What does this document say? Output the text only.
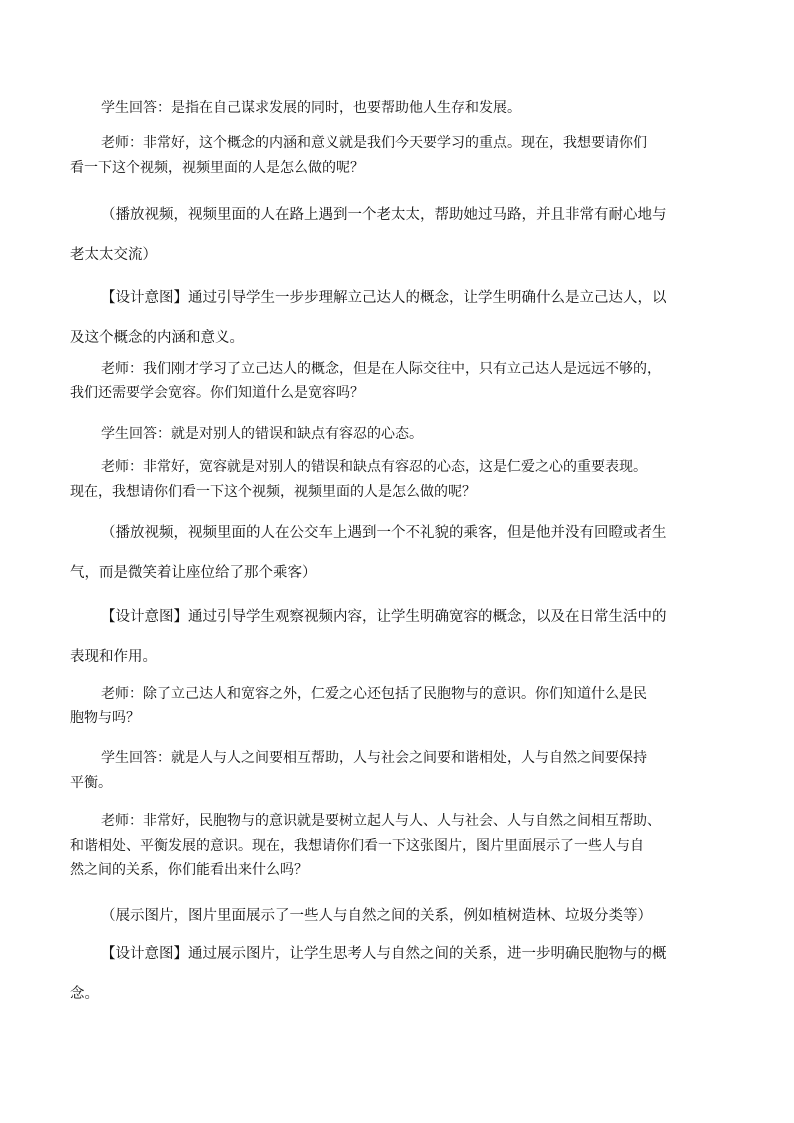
学生回答：是指在自己谋求发展的同时，也要帮助他人生存和发展。
老师：非常好，这个概念的内涵和意义就是我们今天要学习的重点。现在，我想要请你们
看一下这个视频，视频里面的人是怎么做的呢？
（播放视频，视频里面的人在路上遇到一个老太太，帮助她过马路，并且非常有耐心地与
老太太交流）
【设计意图】通过引导学生一步步理解立己达人的概念，让学生明确什么是立己达人，以
及这个概念的内涵和意义。
老师：我们刚才学习了立己达人的概念，但是在人际交往中，只有立己达人是远远不够的，
我们还需要学会宽容。你们知道什么是宽容吗？
学生回答：就是对别人的错误和缺点有容忍的心态。
老师：非常好，宽容就是对别人的错误和缺点有容忍的心态，这是仁爱之心的重要表现。
现在，我想请你们看一下这个视频，视频里面的人是怎么做的呢？
（播放视频，视频里面的人在公交车上遇到一个不礼貌的乘客，但是他并没有回瞪或者生
气，而是微笑着让座位给了那个乘客）
【设计意图】通过引导学生观察视频内容，让学生明确宽容的概念，以及在日常生活中的
表现和作用。
老师：除了立己达人和宽容之外，仁爱之心还包括了民胞物与的意识。你们知道什么是民
胞物与吗？
学生回答：就是人与人之间要相互帮助，人与社会之间要和谐相处，人与自然之间要保持
平衡。
老师：非常好，民胞物与的意识就是要树立起人与人、人与社会、人与自然之间相互帮助、
和谐相处、平衡发展的意识。现在，我想请你们看一下这张图片，图片里面展示了一些人与自
然之间的关系，你们能看出来什么吗？
（展示图片，图片里面展示了一些人与自然之间的关系，例如植树造林、垃圾分类等）
【设计意图】通过展示图片，让学生思考人与自然之间的关系，进一步明确民胞物与的概
念。
